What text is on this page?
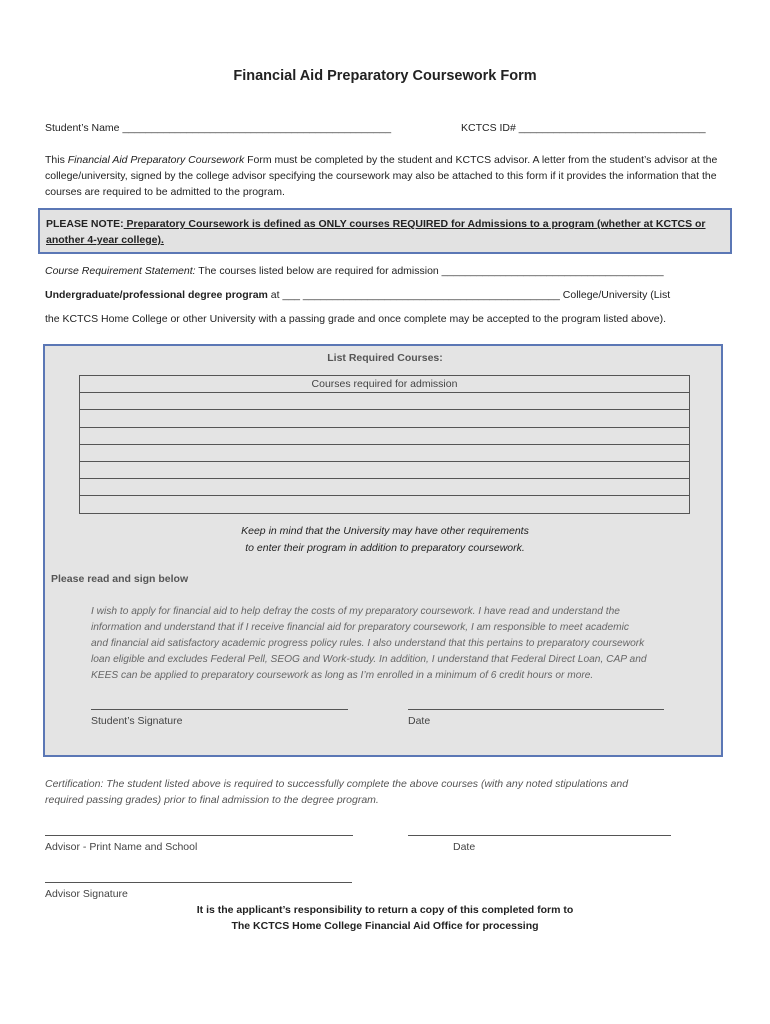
Financial Aid Preparatory Coursework Form
Student’s Name ______________________________________________	KCTCS ID# ________________________________
This Financial Aid Preparatory Coursework Form must be completed by the student and KCTCS advisor. A letter from the student’s advisor at the college/university, signed by the college advisor specifying the coursework may also be attached to this form if it provides the information that the courses are required to be admitted to the program.
PLEASE NOTE: Preparatory Coursework is defined as ONLY courses REQUIRED for Admissions to a program (whether at KCTCS or another 4-year college).
Course Requirement Statement: The courses listed below are required for admission ______________________________________
Undergraduate/professional degree program at ___ ____________________________________________ College/University (List
the KCTCS Home College or other University with a passing grade and once complete may be accepted to the program listed above).
List Required Courses:
Courses required for admission
Keep in mind that the University may have other requirements
to enter their program in addition to preparatory coursework.
Please read and sign below
I wish to apply for financial aid to help defray the costs of my preparatory coursework. I have read and understand the
information and understand that if I receive financial aid for preparatory coursework, I am responsible to meet academic
and financial aid satisfactory academic progress policy rules. I also understand that this pertains to preparatory coursework
loan eligible and excludes Federal Pell, SEOG and Work-study. In addition, I understand that Federal Direct Loan, CAP and
KEES can be applied to preparatory coursework as long as I’m enrolled in a minimum of 6 credit hours or more.
Student’s Signature	Date
Certification: The student listed above is required to successfully complete the above courses (with any noted stipulations and
required passing grades) prior to final admission to the degree program.
Advisor - Print Name and School	Date
Advisor Signature
It is the applicant’s responsibility to return a copy of this completed form to
The KCTCS Home College Financial Aid Office for processing
